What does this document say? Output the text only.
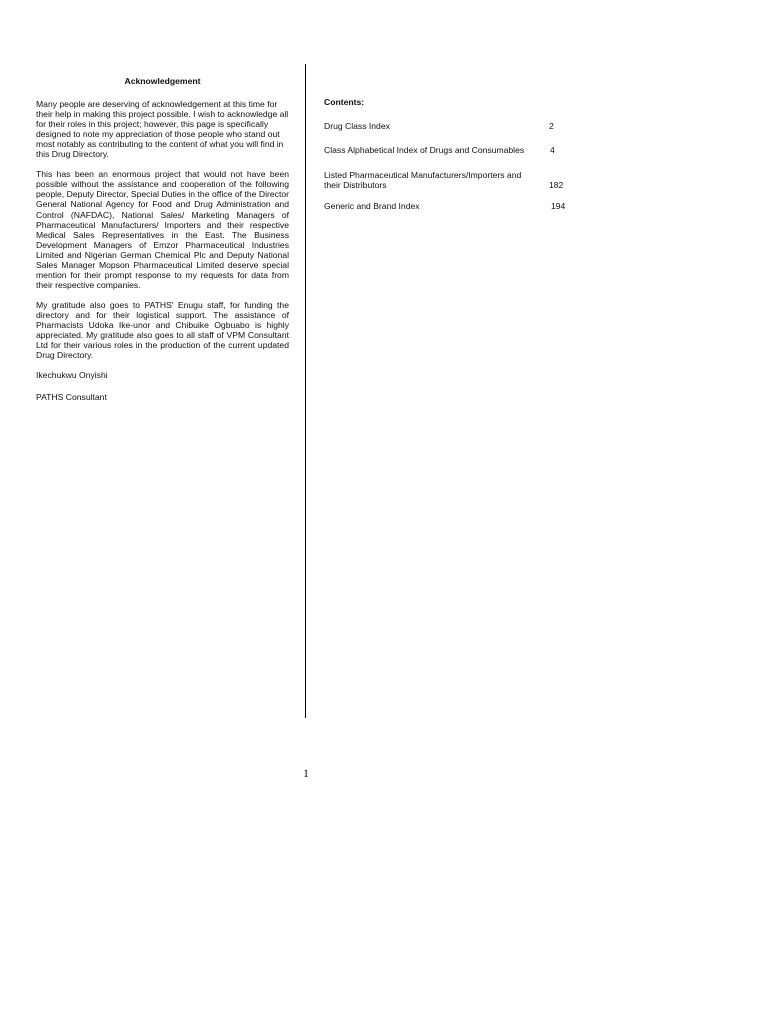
Acknowledgement

Many people are deserving of acknowledgement at this time for their help in making this project possible. I wish to acknowledge all for their roles in this project; however, this page is specifically designed to note my appreciation of those people who stand out most notably as contributing to the content of what you will find in this Drug Directory.

This has been an enormous project that would not have been possible without the assistance and cooperation of the following people, Deputy Director, Special Duties in the office of the Director General National Agency for Food and Drug Administration and Control (NAFDAC), National Sales/ Marketing Managers of Pharmaceutical Manufacturers/ Importers and their respective Medical Sales Representatives in the East. The Business Development Managers of Emzor Pharmaceutical Industries Limited and Nigerian German Chemical Plc and Deputy National Sales Manager Mopson Pharmaceutical Limited deserve special mention for their prompt response to my requests for data from their respective companies.

My gratitude also goes to PATHS' Enugu staff, for funding the directory and for their logistical support. The assistance of Pharmacists Udoka Ike-unor and Chibuike Ogbuabo is highly appreciated. My gratitude also goes to all staff of VPM Consultant Ltd for their various roles in the production of the current updated Drug Directory.

Ikechukwu Onyishi

PATHS Consultant

Contents:
Drug Class Index	2
Class Alphabetical Index of Drugs and Consumables	4
Listed Pharmaceutical Manufacturers/Importers and their Distributors	182
Generic and Brand Index	194
1
